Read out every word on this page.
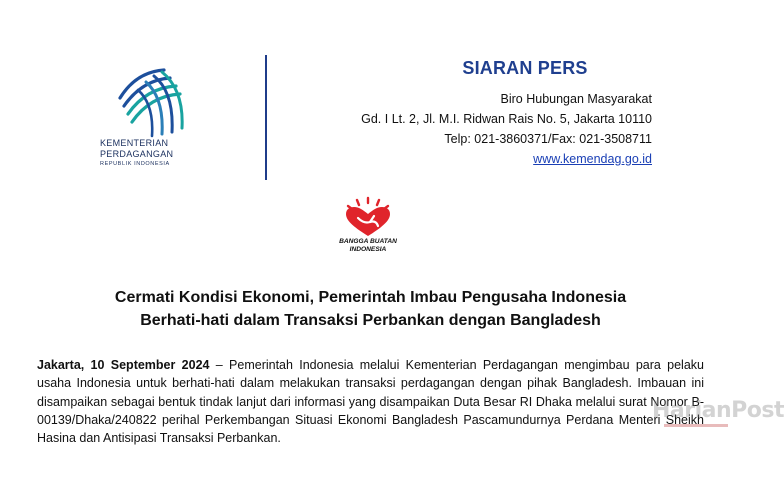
KEMENTERIAN
PERDAGANGAN
REPUBLIK INDONESIA
SIARAN PERS
Biro Hubungan Masyarakat
Gd. I Lt. 2, Jl. M.I. Ridwan Rais No. 5, Jakarta 10110
Telp: 021-3860371/Fax: 021-3508711
www.kemendag.go.id
BANGGA BUATAN
INDONESIA
Cermati Kondisi Ekonomi, Pemerintah Imbau Pengusaha Indonesia
Berhati-hati dalam Transaksi Perbankan dengan Bangladesh
Jakarta, 10 September 2024 – Pemerintah Indonesia melalui Kementerian Perdagangan mengimbau para pelaku usaha Indonesia untuk berhati-hati dalam melakukan transaksi perdagangan dengan pihak Bangladesh. Imbauan ini disampaikan sebagai bentuk tindak lanjut dari informasi yang disampaikan Duta Besar RI Dhaka melalui surat Nomor B-00139/Dhaka/240822 perihal Perkembangan Situasi Ekonomi Bangladesh Pascamundurnya Perdana Menteri Sheikh Hasina dan Antisipasi Transaksi Perbankan.
HarianPost
